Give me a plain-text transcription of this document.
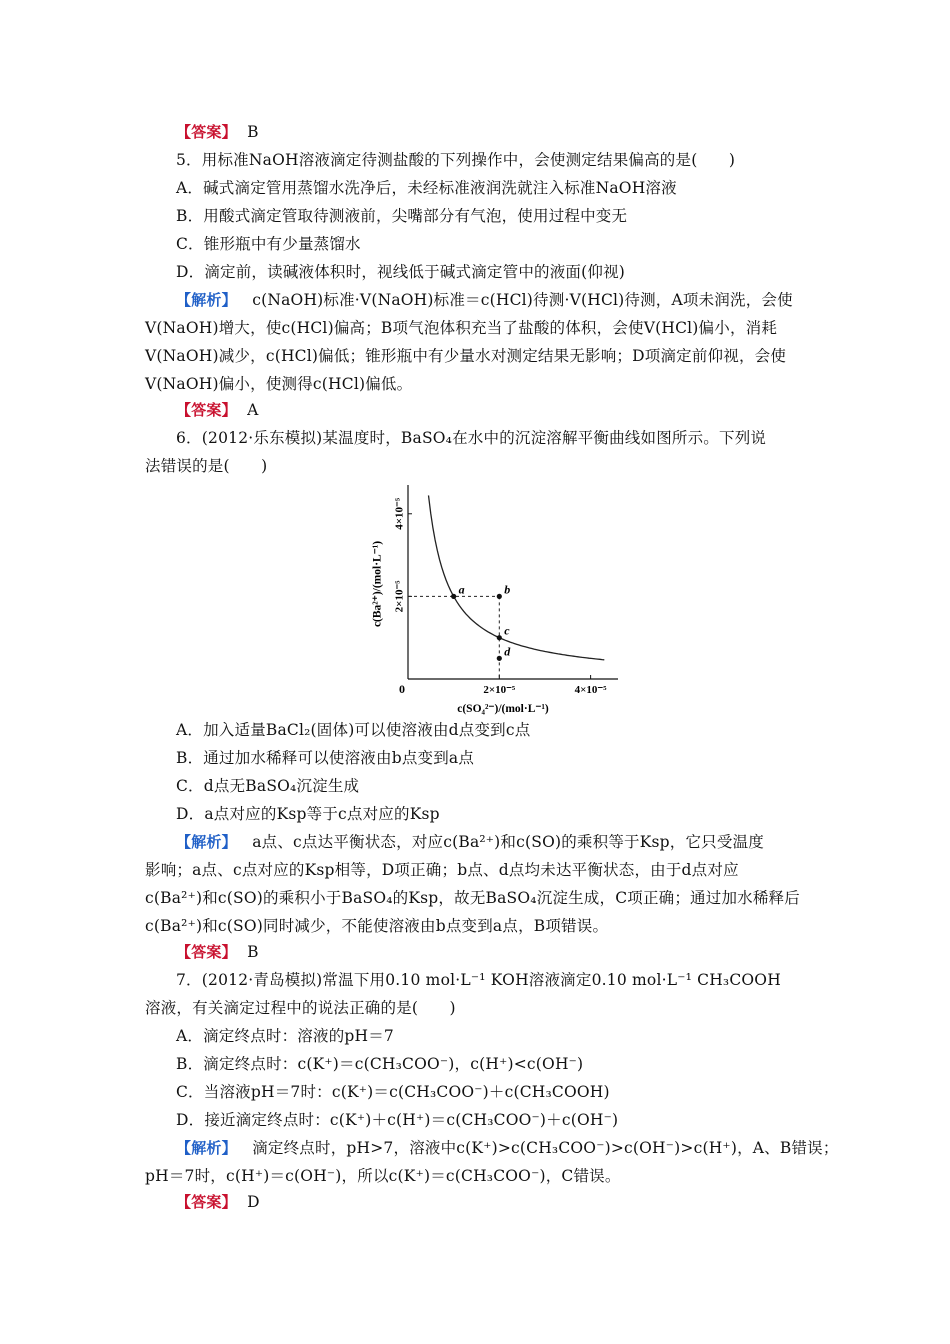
【答案】 B
5．用标准NaOH溶液滴定待测盐酸的下列操作中，会使测定结果偏高的是(　　)
A．碱式滴定管用蒸馏水洗净后，未经标准液润洗就注入标准NaOH溶液
B．用酸式滴定管取待测液前，尖嘴部分有气泡，使用过程中变无
C．锥形瓶中有少量蒸馏水
D．滴定前，读碱液体积时，视线低于碱式滴定管中的液面(仰视)
【解析】 c(NaOH)标准·V(NaOH)标准＝c(HCl)待测·V(HCl)待测，A项未润洗，会使
V(NaOH)增大，使c(HCl)偏高；B项气泡体积充当了盐酸的体积，会使V(HCl)偏小，消耗
V(NaOH)减少，c(HCl)偏低；锥形瓶中有少量水对测定结果无影响；D项滴定前仰视，会使
V(NaOH)偏小，使测得c(HCl)偏低。
【答案】 A
6．(2012·乐东模拟)某温度时，BaSO₄在水中的沉淀溶解平衡曲线如图所示。下列说
法错误的是(　　)
0	2×10⁻⁵	4×10⁻⁵
2×10⁻⁵
4×10⁻⁵
c(SO₄²⁻)/(mol·L⁻¹)
c(Ba²⁺)/(mol·L⁻¹)	a	b
c
d
A．加入适量BaCl₂(固体)可以使溶液由d点变到c点
B．通过加水稀释可以使溶液由b点变到a点
C．d点无BaSO₄沉淀生成
D．a点对应的Ksp等于c点对应的Ksp
【解析】 a点、c点达平衡状态，对应c(Ba²⁺)和c(SO)的乘积等于Ksp，它只受温度
影响；a点、c点对应的Ksp相等，D项正确；b点、d点均未达平衡状态，由于d点对应
c(Ba²⁺)和c(SO)的乘积小于BaSO₄的Ksp，故无BaSO₄沉淀生成，C项正确；通过加水稀释后
c(Ba²⁺)和c(SO)同时减少，不能使溶液由b点变到a点，B项错误。
【答案】 B
7．(2012·青岛模拟)常温下用0.10 mol·L⁻¹ KOH溶液滴定0.10 mol·L⁻¹ CH₃COOH
溶液，有关滴定过程中的说法正确的是(　　)
A．滴定终点时：溶液的pH＝7
B．滴定终点时：c(K⁺)＝c(CH₃COO⁻)，c(H⁺)<c(OH⁻)
C．当溶液pH＝7时：c(K⁺)＝c(CH₃COO⁻)＋c(CH₃COOH)
D．接近滴定终点时：c(K⁺)＋c(H⁺)＝c(CH₃COO⁻)＋c(OH⁻)
【解析】 滴定终点时，pH>7，溶液中c(K⁺)>c(CH₃COO⁻)>c(OH⁻)>c(H⁺)，A、B错误；
pH＝7时，c(H⁺)＝c(OH⁻)，所以c(K⁺)＝c(CH₃COO⁻)，C错误。
【答案】 D
